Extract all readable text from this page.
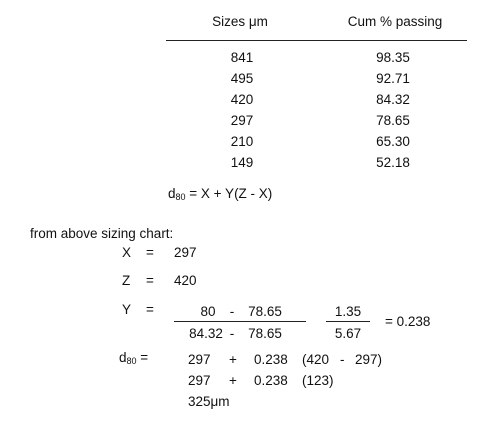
Sizes μm	Cum % passing
841	98.35
495	92.71
420	84.32
297	78.65
210	65.30
149	52.18
$d_{80} = X + Y(Z - X)$
from above sizing chart:
X = 297
Z = 420
Y =	80	-	78.65
84.32 -	78.65
1.35
5.67
= 0.238
$d_{80}$ =	297 + 0.238 (420 - 297)
297 + 0.238 (123)
325μm
